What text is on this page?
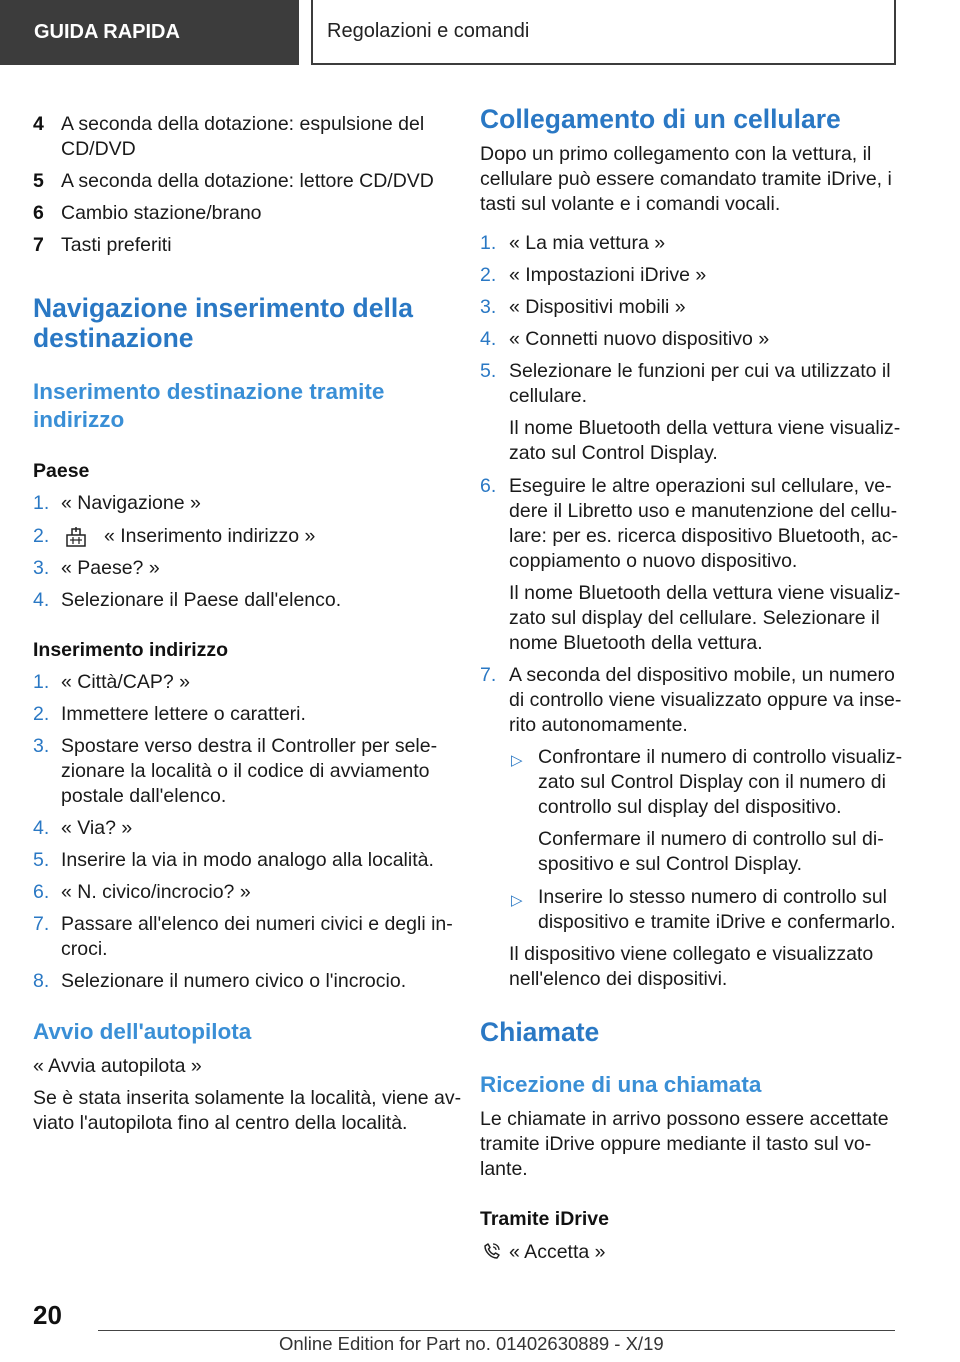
GUIDA RAPIDA	Regolazioni e comandi
4 A seconda della dotazione: espulsione del
CD/DVD
5 A seconda della dotazione: lettore CD/DVD
6 Cambio stazione/brano
7 Tasti preferiti
Navigazione inserimento della
destinazione
Inserimento destinazione tramite
indirizzo
Paese
1. « Navigazione »
2.	« Inserimento indirizzo »
3. « Paese? »
4. Selezionare il Paese dall'elenco.
Inserimento indirizzo
1. « Città/CAP? »
2. Immettere lettere o caratteri.
3. Spostare verso destra il Controller per sele-
zionare la località o il codice di avviamento
postale dall'elenco.
4. « Via? »
5. Inserire la via in modo analogo alla località.
6. « N. civico/incrocio? »
7. Passare all'elenco dei numeri civici e degli in-
croci.
8. Selezionare il numero civico o l'incrocio.
Avvio dell'autopilota
« Avvia autopilota »
Se è stata inserita solamente la località, viene av-
viato l'autopilota fino al centro della località.
Collegamento di un cellulare
Dopo un primo collegamento con la vettura, il
cellulare può essere comandato tramite iDrive, i
tasti sul volante e i comandi vocali.
1. « La mia vettura »
2. « Impostazioni iDrive »
3. « Dispositivi mobili »
4. « Connetti nuovo dispositivo »
5. Selezionare le funzioni per cui va utilizzato il
cellulare.
Il nome Bluetooth della vettura viene visualiz-
zato sul Control Display.
6. Eseguire le altre operazioni sul cellulare, ve-
dere il Libretto uso e manutenzione del cellu-
lare: per es. ricerca dispositivo Bluetooth, ac-
coppiamento o nuovo dispositivo.
Il nome Bluetooth della vettura viene visualiz-
zato sul display del cellulare. Selezionare il
nome Bluetooth della vettura.
7. A seconda del dispositivo mobile, un numero
di controllo viene visualizzato oppure va inse-
rito autonomamente.
▷ Confrontare il numero di controllo visualiz-
zato sul Control Display con il numero di
controllo sul display del dispositivo.
Confermare il numero di controllo sul di-
spositivo e sul Control Display.
▷ Inserire lo stesso numero di controllo sul
dispositivo e tramite iDrive e confermarlo.
Il dispositivo viene collegato e visualizzato
nell'elenco dei dispositivi.
Chiamate
Ricezione di una chiamata
Le chiamate in arrivo possono essere accettate
tramite iDrive oppure mediante il tasto sul vo-
lante.
Tramite iDrive
« Accetta »
20
Online Edition for Part no. 01402630889 - X/19
